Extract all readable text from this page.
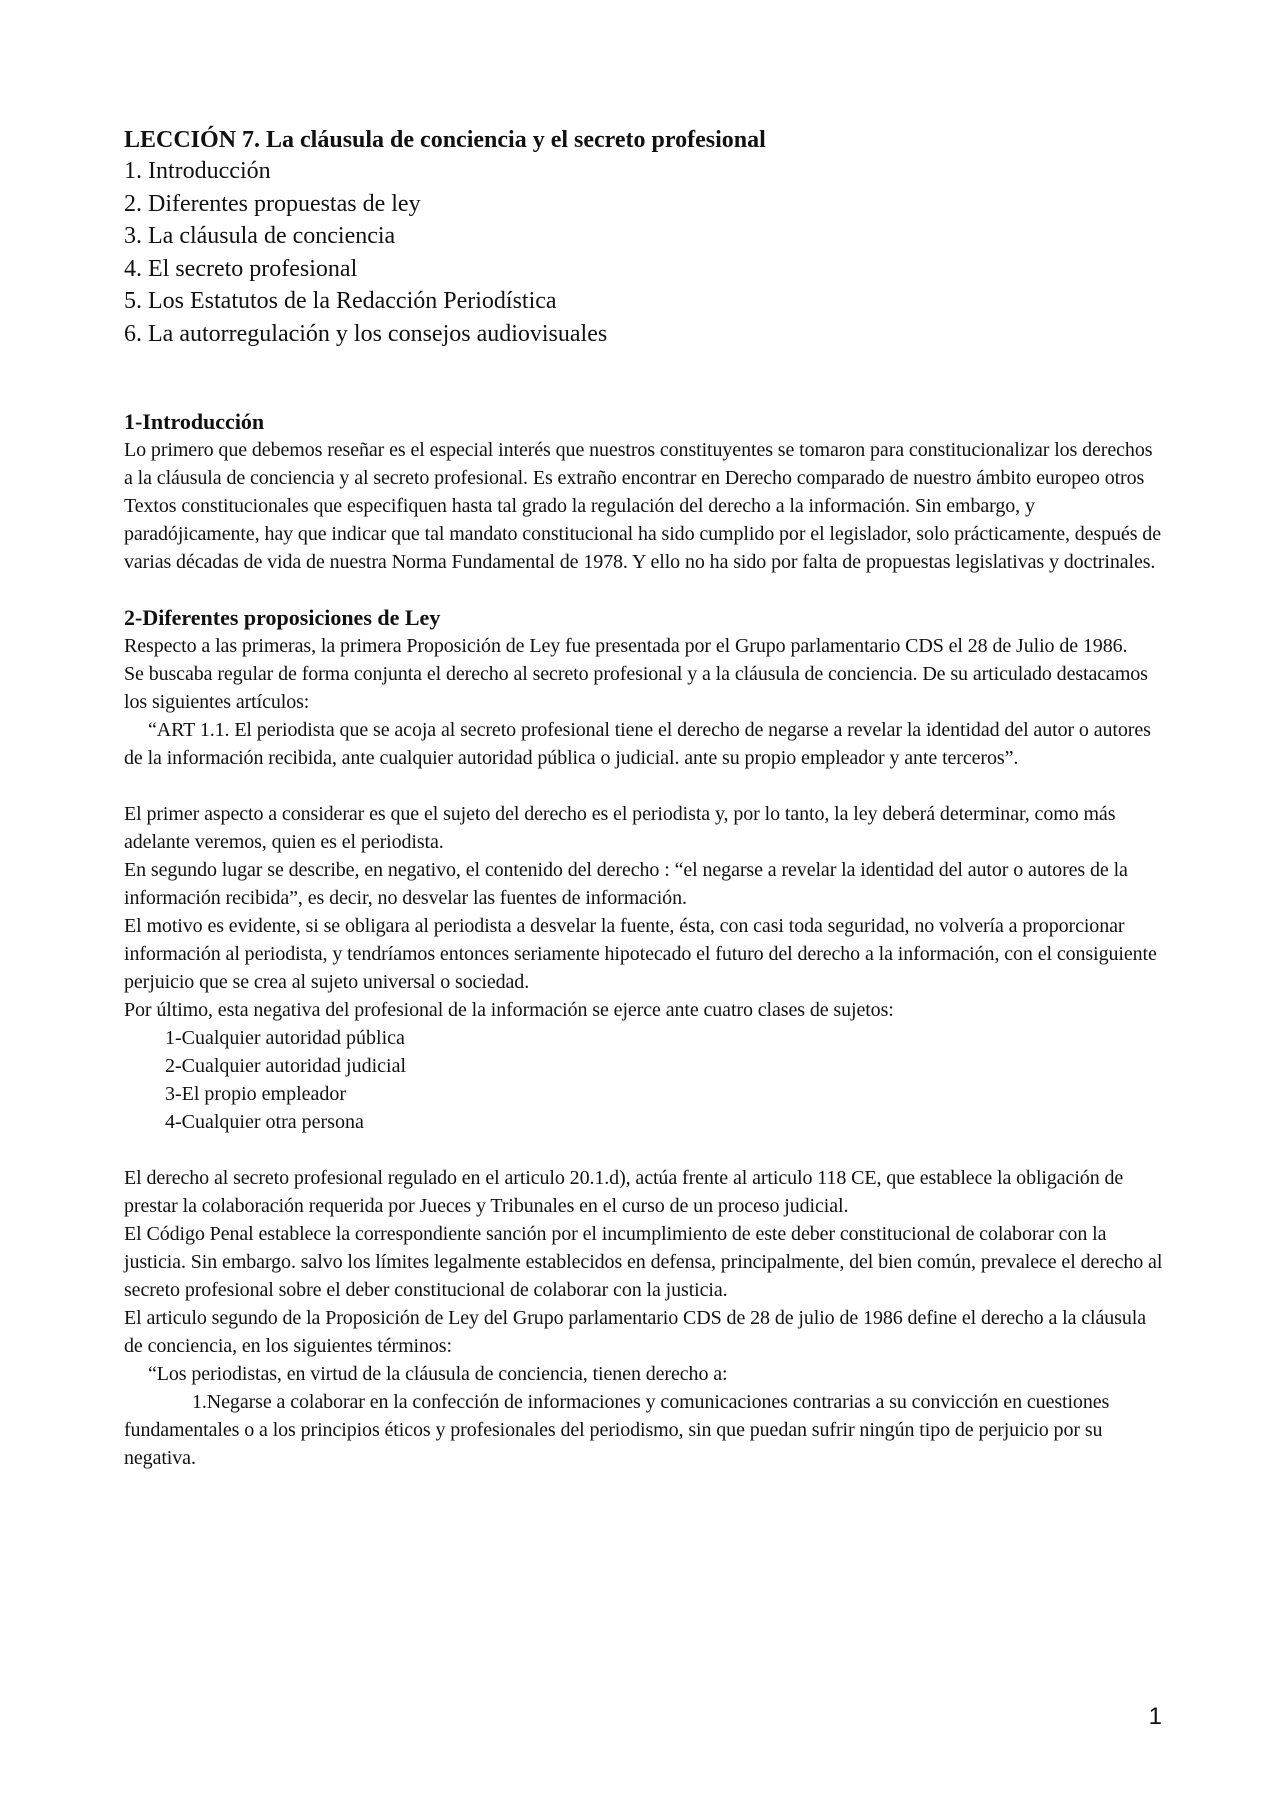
LECCIÓN 7. La cláusula de conciencia y el secreto profesional
1. Introducción
2. Diferentes propuestas de ley
3. La cláusula de conciencia
4. El secreto profesional
5. Los Estatutos de la Redacción Periodística
6. La autorregulación y los consejos audiovisuales
1-Introducción

Lo primero que debemos reseñar es el especial interés que nuestros constituyentes se tomaron para constitucionalizar los derechos a la cláusula de conciencia y al secreto profesional. Es extraño encontrar en Derecho comparado de nuestro ámbito europeo otros Textos constitucionales que especifiquen hasta tal grado la regulación del derecho a la información. Sin embargo, y paradójicamente, hay que indicar que tal mandato constitucional ha sido cumplido por el legislador, solo prácticamente, después de varias décadas de vida de nuestra Norma Fundamental de 1978. Y ello no ha sido por falta de propuestas legislativas y doctrinales.

2-Diferentes proposiciones de Ley

Respecto a las primeras, la primera Proposición de Ley fue presentada por el Grupo parlamentario CDS el 28 de Julio de 1986.

Se buscaba regular de forma conjunta el derecho al secreto profesional y a la cláusula de conciencia. De su articulado destacamos los siguientes artículos:

“ART 1.1. El periodista que se acoja al secreto profesional tiene el derecho de negarse a revelar la identidad del autor o autores de la información recibida, ante cualquier autoridad pública o judicial. ante su propio empleador y ante terceros”.

El primer aspecto a considerar es que el sujeto del derecho es el periodista y, por lo tanto, la ley deberá determinar, como más adelante veremos, quien es el periodista.

En segundo lugar se describe, en negativo, el contenido del derecho : “el negarse a revelar la identidad del autor o autores de la información recibida”, es decir, no desvelar las fuentes de información.

El motivo es evidente, si se obligara al periodista a desvelar la fuente, ésta, con casi toda seguridad, no volvería a proporcionar información al periodista, y tendríamos entonces seriamente hipotecado el futuro del derecho a la información, con el consiguiente perjuicio que se crea al sujeto universal o sociedad.

Por último, esta negativa del profesional de la información se ejerce ante cuatro clases de sujetos:

1-Cualquier autoridad pública
2-Cualquier autoridad judicial
3-El propio empleador
4-Cualquier otra persona

El derecho al secreto profesional regulado en el articulo 20.1.d), actúa frente al articulo 118 CE, que establece la obligación de prestar la colaboración requerida por Jueces y Tribunales en el curso de un proceso judicial.

El Código Penal establece la correspondiente sanción por el incumplimiento de este deber constitucional de colaborar con la justicia. Sin embargo. salvo los límites legalmente establecidos en defensa, principalmente, del bien común, prevalece el derecho al secreto profesional sobre el deber constitucional de colaborar con la justicia.

El articulo segundo de la Proposición de Ley del Grupo parlamentario CDS de 28 de julio de 1986 define el derecho a la cláusula de conciencia, en los siguientes términos:

“Los periodistas, en virtud de la cláusula de conciencia, tienen derecho a:

1.Negarse a colaborar en la confección de informaciones y comunicaciones contrarias a su convicción en cuestiones fundamentales o a los principios éticos y profesionales del periodismo, sin que puedan sufrir ningún tipo de perjuicio por su negativa.

1
